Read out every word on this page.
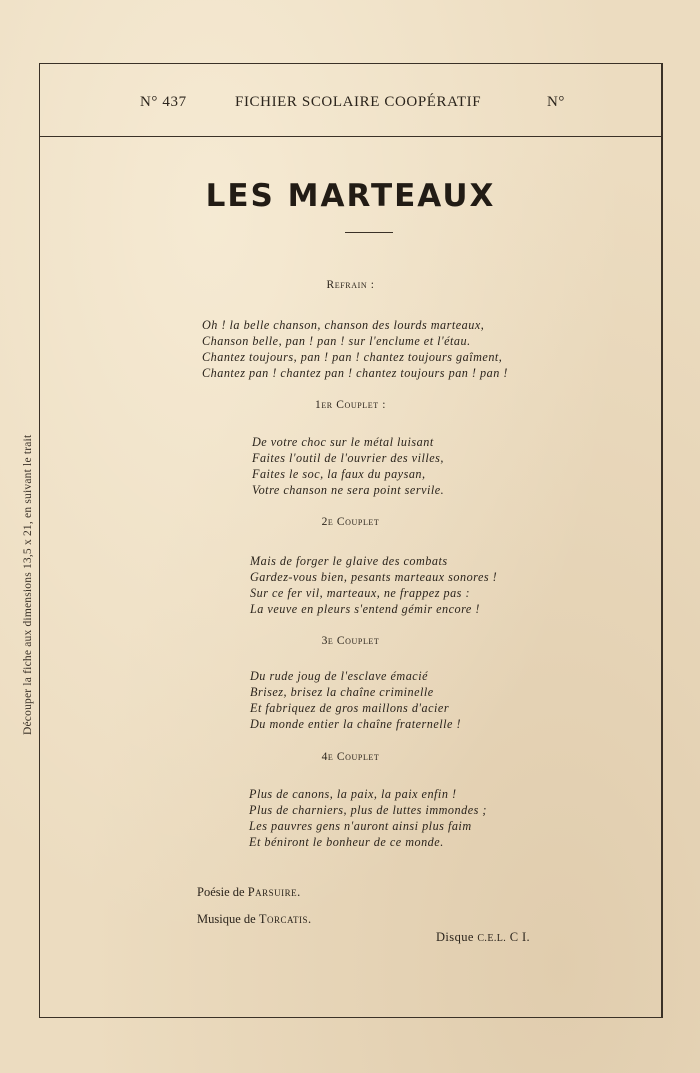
Découper la fiche aux dimensions 13,5 x 21, en suivant le trait
N° 437	FICHIER SCOLAIRE COOPÉRATIF	N°
LES MARTEAUX

Refrain :

Oh ! la belle chanson, chanson des lourds marteaux,
Chanson belle, pan ! pan ! sur l'enclume et l'étau.
Chantez toujours, pan ! pan ! chantez toujours gaîment,
Chantez pan ! chantez pan ! chantez toujours pan ! pan !

1er Couplet :

De votre choc sur le métal luisant
Faites l'outil de l'ouvrier des villes,
Faites le soc, la faux du paysan,
Votre chanson ne sera point servile.

2e Couplet

Mais de forger le glaive des combats
Gardez-vous bien, pesants marteaux sonores !
Sur ce fer vil, marteaux, ne frappez pas :
La veuve en pleurs s'entend gémir encore !

3e Couplet

Du rude joug de l'esclave émacié
Brisez, brisez la chaîne criminelle
Et fabriquez de gros maillons d'acier
Du monde entier la chaîne fraternelle !

4e Couplet

Plus de canons, la paix, la paix enfin !
Plus de charniers, plus de luttes immondes ;
Les pauvres gens n'auront ainsi plus faim
Et béniront le bonheur de ce monde.
Poésie de Parsuire.
Musique de Torcatis.
Disque C.E.L. C I.
